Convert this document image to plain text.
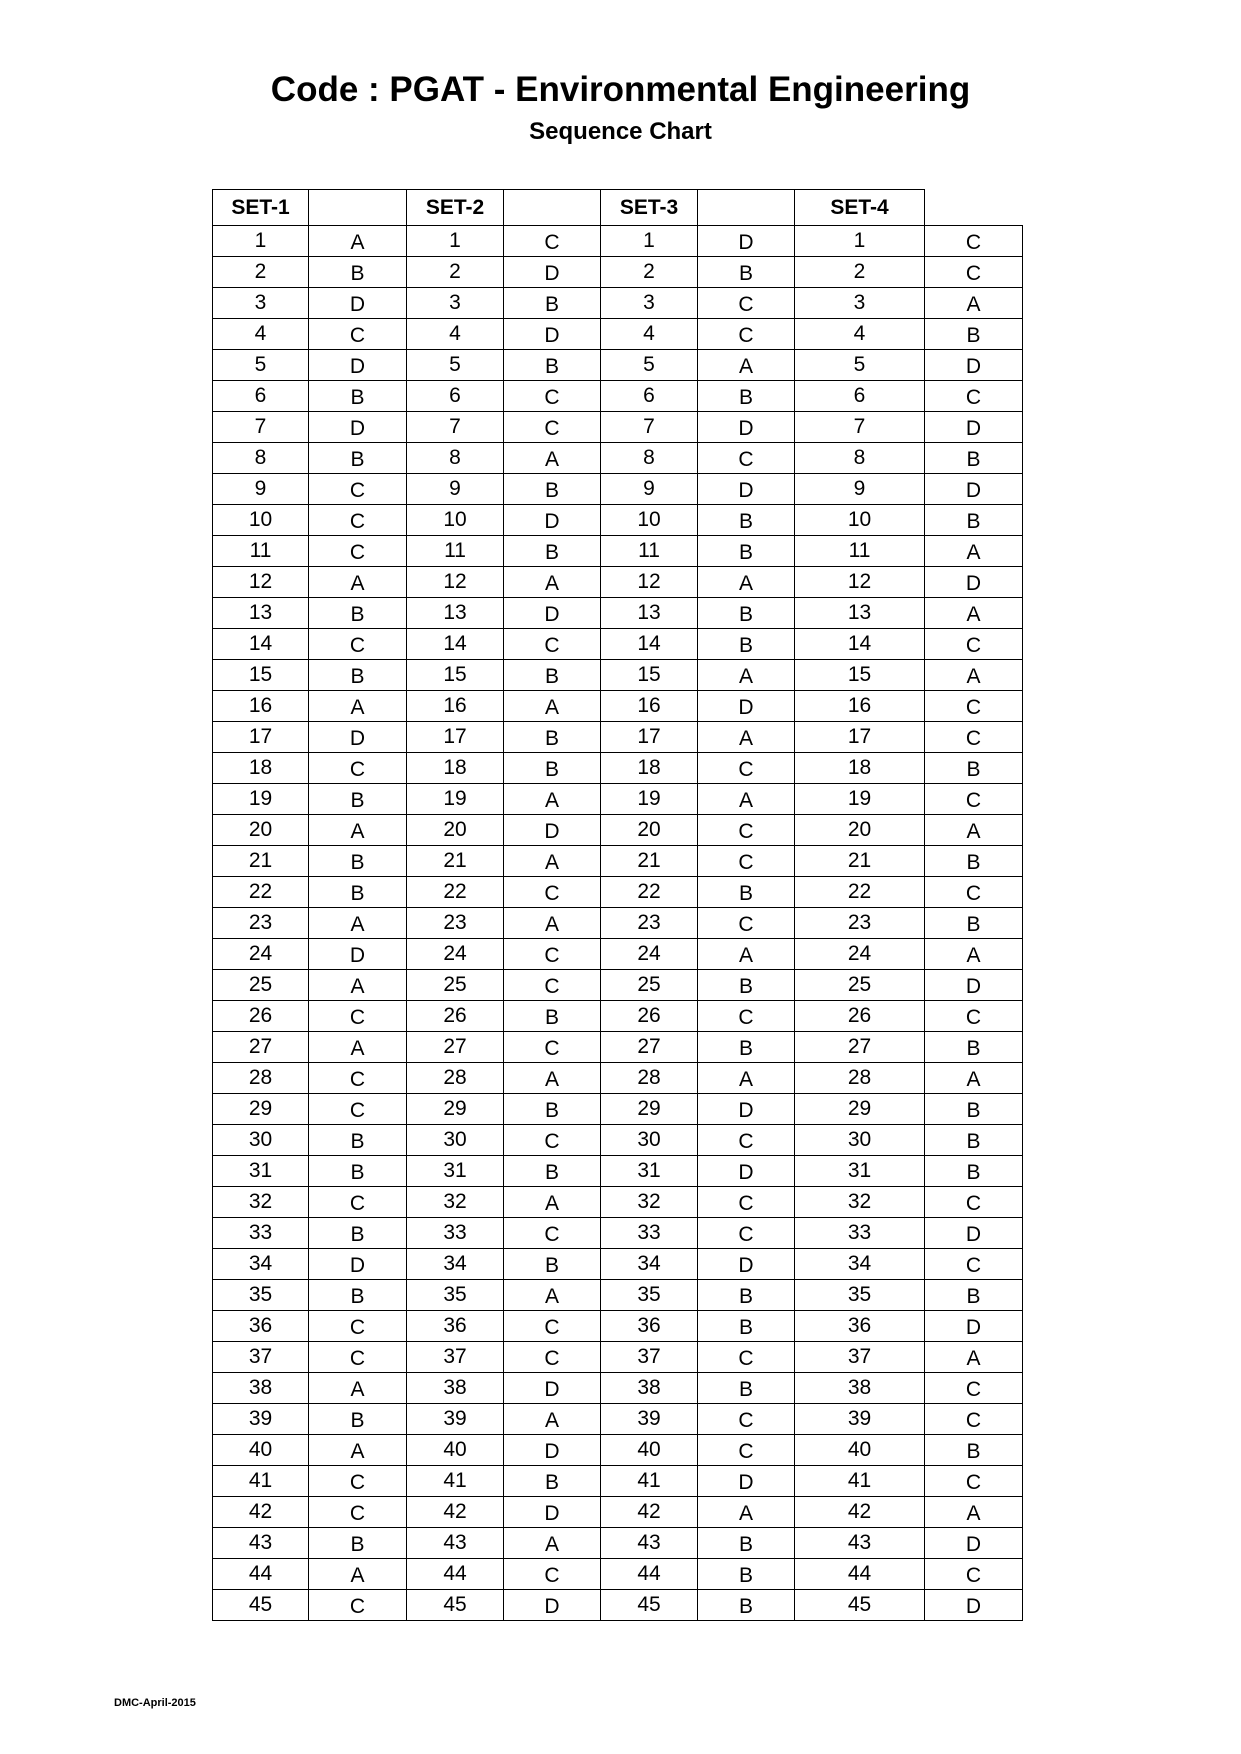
Code : PGAT - Environmental Engineering
Sequence Chart
SET-1		SET-2		SET-3		SET-4	
1	A	1	C	1	D	1	C
2	B	2	D	2	B	2	C
3	D	3	B	3	C	3	A
4	C	4	D	4	C	4	B
5	D	5	B	5	A	5	D
6	B	6	C	6	B	6	C
7	D	7	C	7	D	7	D
8	B	8	A	8	C	8	B
9	C	9	B	9	D	9	D
10	C	10	D	10	B	10	B
11	C	11	B	11	B	11	A
12	A	12	A	12	A	12	D
13	B	13	D	13	B	13	A
14	C	14	C	14	B	14	C
15	B	15	B	15	A	15	A
16	A	16	A	16	D	16	C
17	D	17	B	17	A	17	C
18	C	18	B	18	C	18	B
19	B	19	A	19	A	19	C
20	A	20	D	20	C	20	A
21	B	21	A	21	C	21	B
22	B	22	C	22	B	22	C
23	A	23	A	23	C	23	B
24	D	24	C	24	A	24	A
25	A	25	C	25	B	25	D
26	C	26	B	26	C	26	C
27	A	27	C	27	B	27	B
28	C	28	A	28	A	28	A
29	C	29	B	29	D	29	B
30	B	30	C	30	C	30	B
31	B	31	B	31	D	31	B
32	C	32	A	32	C	32	C
33	B	33	C	33	C	33	D
34	D	34	B	34	D	34	C
35	B	35	A	35	B	35	B
36	C	36	C	36	B	36	D
37	C	37	C	37	C	37	A
38	A	38	D	38	B	38	C
39	B	39	A	39	C	39	C
40	A	40	D	40	C	40	B
41	C	41	B	41	D	41	C
42	C	42	D	42	A	42	A
43	B	43	A	43	B	43	D
44	A	44	C	44	B	44	C
45	C	45	D	45	B	45	D
DMC-April-2015
